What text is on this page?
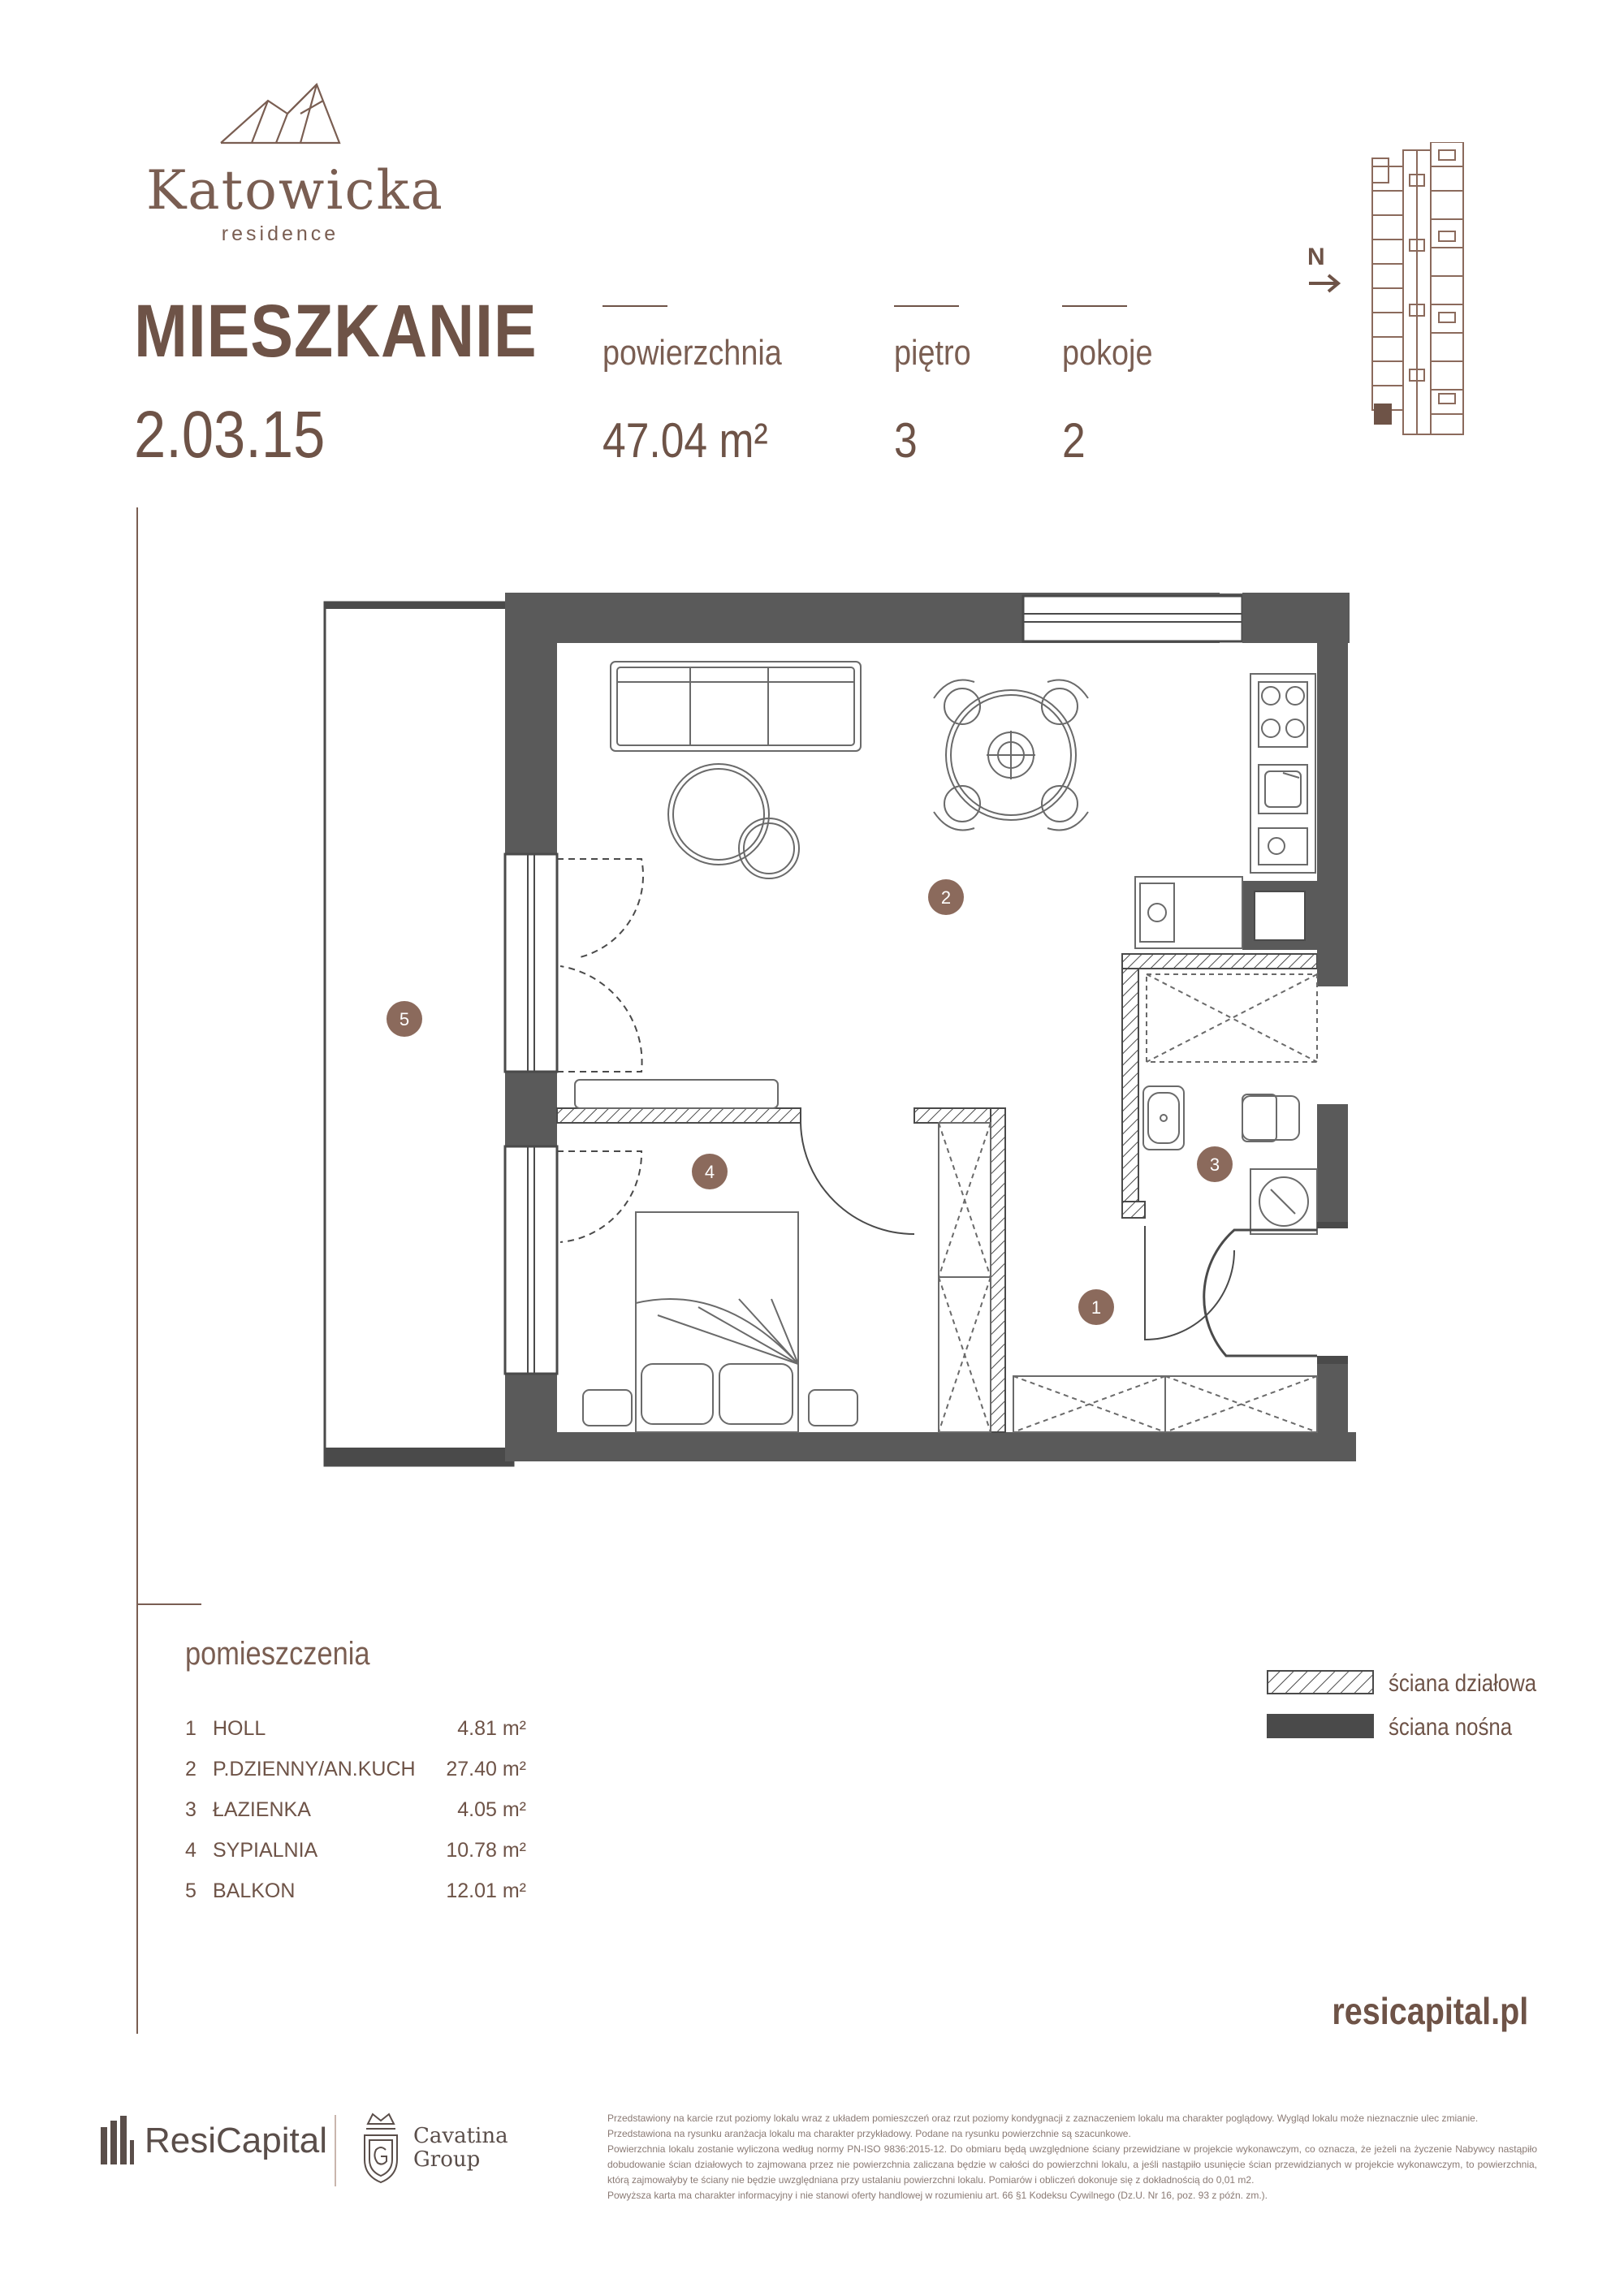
Katowicka
residence
MIESZKANIE
2.03.15
powierzchnia
47.04 m²
piętro
3
pokoje
2
N
1
2
3
4
5
pomieszczenia
1 HOLL	4.81 m²
2 P.DZIENNY/AN.KUCH 27.40 m²
3 ŁAZIENKA	4.05 m²
4 SYPIALNIA	10.78 m²
5 BALKON	12.01 m²
ściana działowa
ściana nośna
resicapital.pl
ResiCapital	Cavatina
Group
Przedstawiony na karcie rzut poziomy lokalu wraz z układem pomieszczeń oraz rzut poziomy kondygnacji z zaznaczeniem lokalu ma charakter poglądowy. Wygląd lokalu może nieznacznie ulec zmianie.
Przedstawiona na rysunku aranżacja lokalu ma charakter przykładowy. Podane na rysunku powierzchnie są szacunkowe.
Powierzchnia lokalu zostanie wyliczona według normy PN-ISO 9836:2015-12. Do obmiaru będą uwzględnione ściany przewidziane w projekcie wykonawczym, co oznacza, że jeżeli na życzenie Nabywcy nastąpiło dobudowanie ścian działowych to zajmowana przez nie powierzchnia zaliczana będzie w całości do powierzchni lokalu, a jeśli nastąpiło usunięcie ścian przewidzianych w projekcie wykonawczym, to powierzchnia, którą zajmowałyby te ściany nie będzie uwzględniana przy ustalaniu powierzchni lokalu. Pomiarów i obliczeń dokonuje się z dokładnością do 0,01 m2.
Powyższa karta ma charakter informacyjny i nie stanowi oferty handlowej w rozumieniu art. 66 §1 Kodeksu Cywilnego (Dz.U. Nr 16, poz. 93 z późn. zm.).
